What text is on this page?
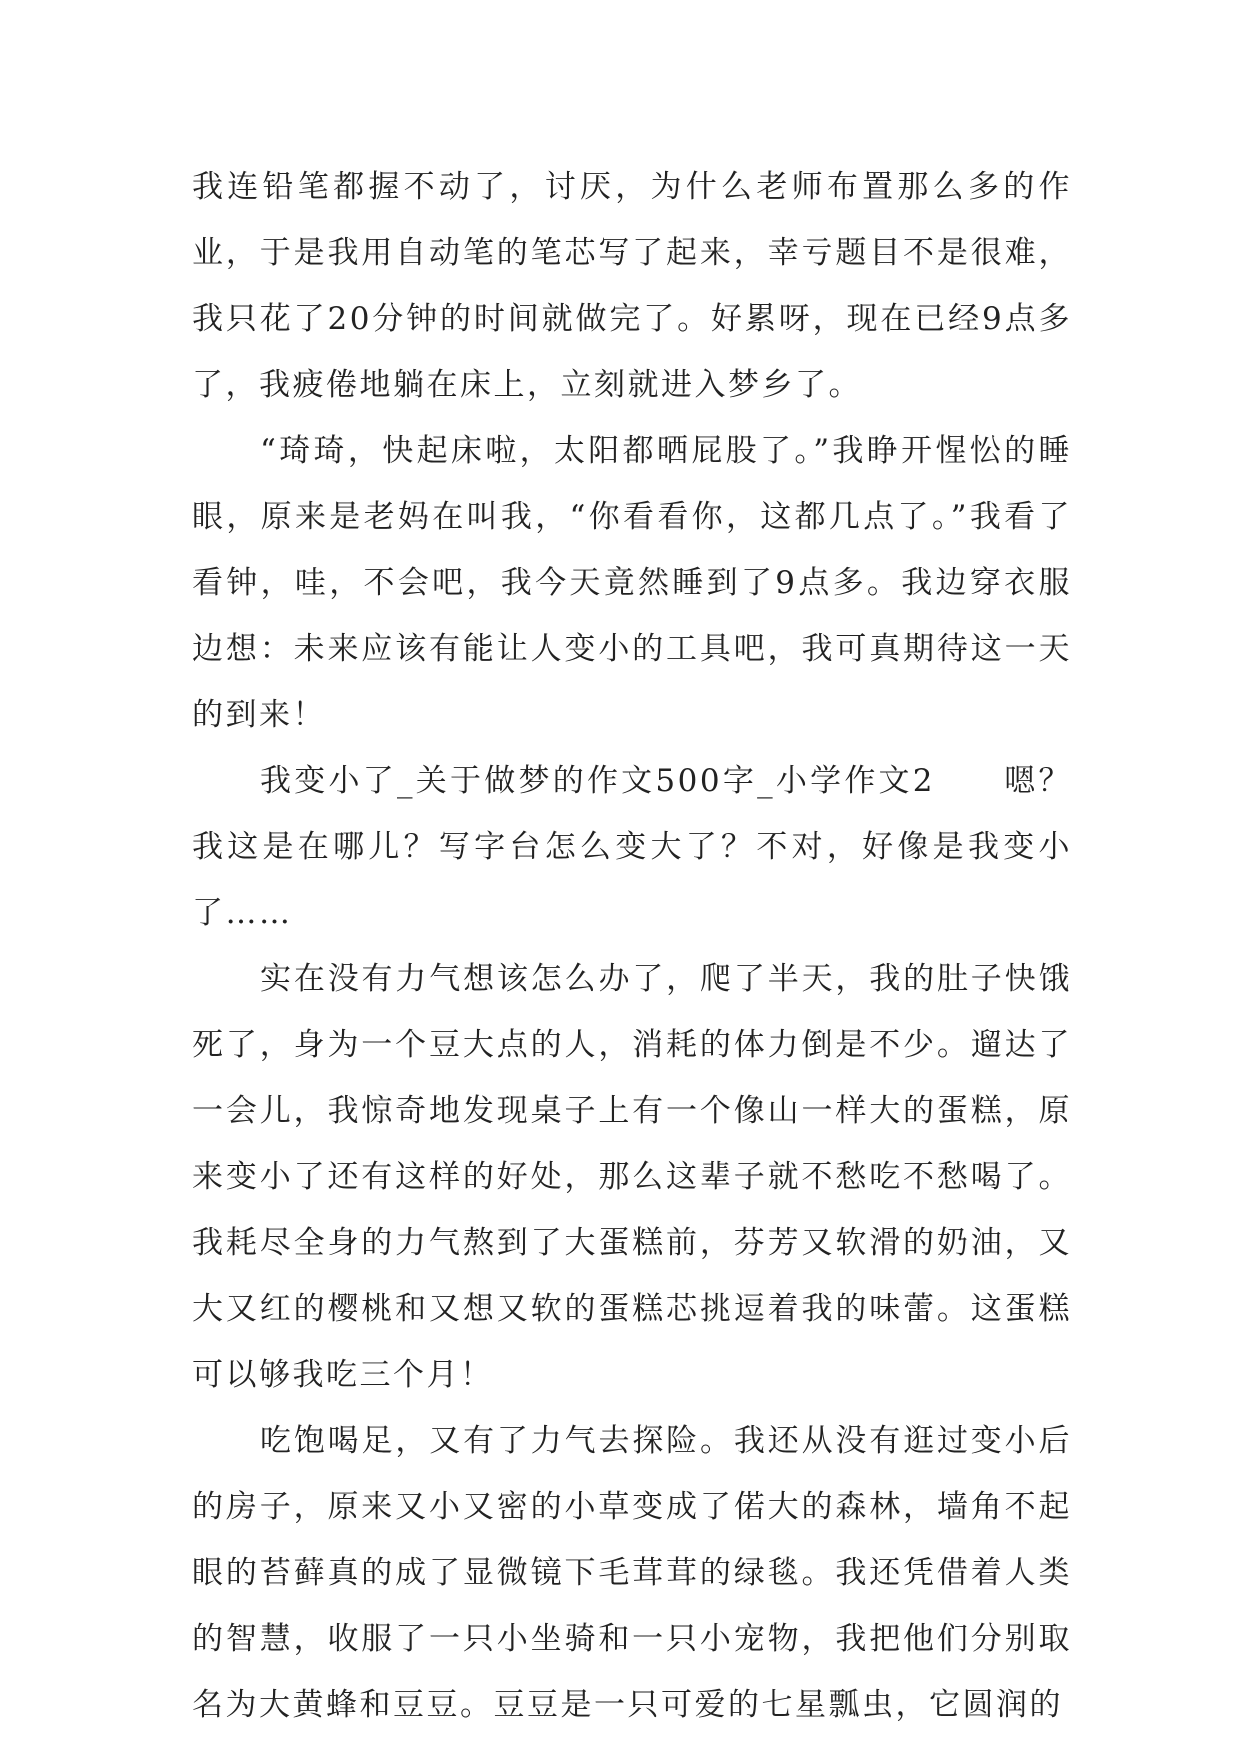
我连铅笔都握不动了，讨厌，为什么老师布置那么多的作业，于是我用自动笔的笔芯写了起来，幸亏题目不是很难，我只花了20分钟的时间就做完了。好累呀，现在已经9点多了，我疲倦地躺在床上，立刻就进入梦乡了。

“琦琦，快起床啦，太阳都晒屁股了。”我睁开惺忪的睡眼，原来是老妈在叫我，“你看看你，这都几点了。”我看了看钟，哇，不会吧，我今天竟然睡到了9点多。我边穿衣服边想：未来应该有能让人变小的工具吧，我可真期待这一天的到来！

我变小了_关于做梦的作文500字_小学作文2　　嗯？我这是在哪儿？写字台怎么变大了？不对，好像是我变小了……

实在没有力气想该怎么办了，爬了半天，我的肚子快饿死了，身为一个豆大点的人，消耗的体力倒是不少。遛达了一会儿，我惊奇地发现桌子上有一个像山一样大的蛋糕，原来变小了还有这样的好处，那么这辈子就不愁吃不愁喝了。我耗尽全身的力气熬到了大蛋糕前，芬芳又软滑的奶油，又大又红的樱桃和又想又软的蛋糕芯挑逗着我的味蕾。这蛋糕可以够我吃三个月！

吃饱喝足，又有了力气去探险。我还从没有逛过变小后的房子，原来又小又密的小草变成了偌大的森林，墙角不起眼的苔藓真的成了显微镜下毛茸茸的绿毯。我还凭借着人类的智慧，收服了一只小坐骑和一只小宠物，我把他们分别取名为大黄蜂和豆豆。豆豆是一只可爱的七星瓢虫，它圆润的
